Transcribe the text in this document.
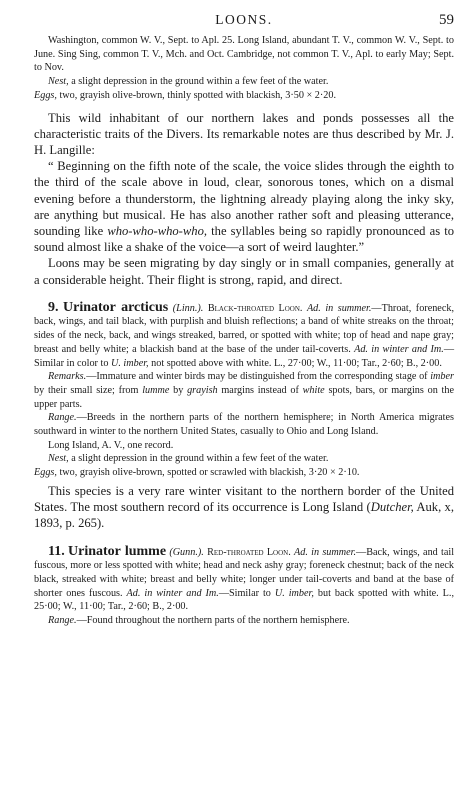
LOONS.	59

Washington, common W. V., Sept. to Apl. 25. Long Island, abundant T. V., common W. V., Sept. to June. Sing Sing, common T. V., Mch. and Oct. Cambridge, not common T. V., Apl. to early May; Sept. to Nov.

Nest, a slight depression in the ground within a few feet of the water.

Eggs, two, grayish olive-brown, thinly spotted with blackish, 3·50 × 2·20.

This wild inhabitant of our northern lakes and ponds possesses all the characteristic traits of the Divers. Its remarkable notes are thus described by Mr. J. H. Langille:

“ Beginning on the fifth note of the scale, the voice slides through the eighth to the third of the scale above in loud, clear, sonorous tones, which on a dismal evening before a thunderstorm, the lightning already playing along the inky sky, are anything but musical. He has also another rather soft and pleasing utterance, sounding like who-who-who-who, the syllables being so rapidly pronounced as to sound almost like a shake of the voice—a sort of weird laughter.”

Loons may be seen migrating by day singly or in small companies, generally at a considerable height. Their flight is strong, rapid, and direct.

9. Urinator arcticus (Linn.). Black-throated Loon. Ad. in summer.—Throat, foreneck, back, wings, and tail black, with purplish and bluish reflections; a band of white streaks on the throat; sides of the neck, back, and wings streaked, barred, or spotted with white; top of head and nape gray; breast and belly white; a blackish band at the base of the under tail-coverts. Ad. in winter and Im.—Similar in color to U. imber, not spotted above with white. L., 27·00; W., 11·00; Tar., 2·60; B., 2·00.

Remarks.—Immature and winter birds may be distinguished from the corresponding stage of imber by their small size; from lumme by grayish margins instead of white spots, bars, or margins on the upper parts.

Range.—Breeds in the northern parts of the northern hemisphere; in North America migrates southward in winter to the northern United States, casually to Ohio and Long Island.

Long Island, A. V., one record.

Nest, a slight depression in the ground within a few feet of the water.

Eggs, two, grayish olive-brown, spotted or scrawled with blackish, 3·20 × 2·10.

This species is a very rare winter visitant to the northern border of the United States. The most southern record of its occurrence is Long Island (Dutcher, Auk, x, 1893, p. 265).

11. Urinator lumme (Gunn.). Red-throated Loon. Ad. in summer.—Back, wings, and tail fuscous, more or less spotted with white; head and neck ashy gray; foreneck chestnut; back of the neck black, streaked with white; breast and belly white; longer under tail-coverts and band at the base of shorter ones fuscous. Ad. in winter and Im.—Similar to U. imber, but back spotted with white. L., 25·00; W., 11·00; Tar., 2·60; B., 2·00.

Range.—Found throughout the northern parts of the northern hemisphere.
